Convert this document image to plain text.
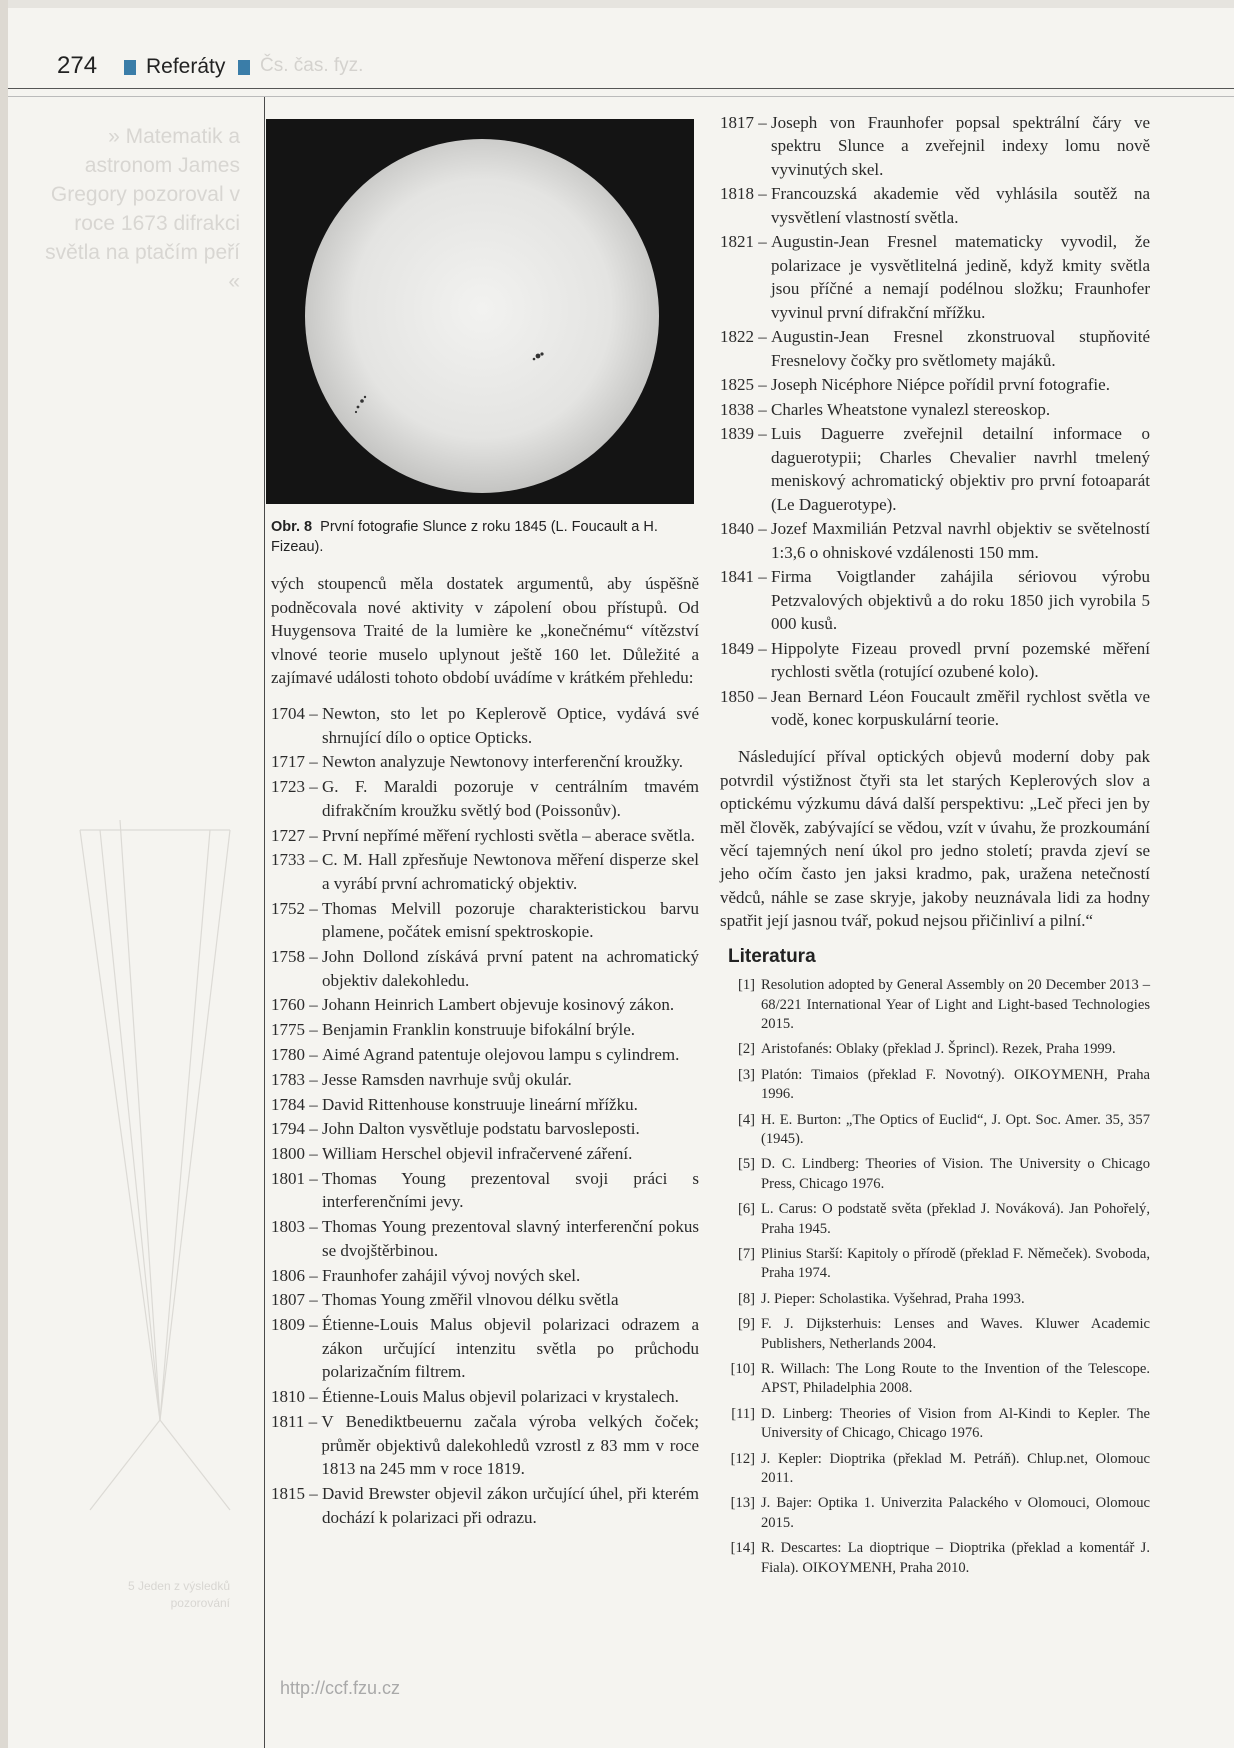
274 Referáty Čs. čas. fyz.
» Matematik a astronom James Gregory pozoroval v roce 1673 difrakci světla na ptačím peří «
5 Jeden z výsledků pozorování
Obr. 8 První fotografie Slunce z roku 1845 (L. Foucault a H. Fizeau).

vých stoupenců měla dostatek argumentů, aby úspěšně podněcovala nové aktivity v zápolení obou přístupů. Od Huygensova Traité de la lumière ke „konečnému“ vítězství vlnové teorie muselo uplynout ještě 160 let. Důležité a zajímavé události tohoto období uvádíme v krátkém přehledu:

1704 – Newton, sto let po Keplerově Optice, vydává své shrnující dílo o optice Opticks.
1717 – Newton analyzuje Newtonovy interferenční kroužky.
1723 – G. F. Maraldi pozoruje v centrálním tmavém difrakčním kroužku světlý bod (Poissonův).
1727 – První nepřímé měření rychlosti světla – aberace světla.
1733 – C. M. Hall zpřesňuje Newtonova měření disperze skel a vyrábí první achromatický objektiv.
1752 – Thomas Melvill pozoruje charakteristickou barvu plamene, počátek emisní spektroskopie.
1758 – John Dollond získává první patent na achromatický objektiv dalekohledu.
1760 – Johann Heinrich Lambert objevuje kosinový zákon.
1775 – Benjamin Franklin konstruuje bifokální brýle.
1780 – Aimé Agrand patentuje olejovou lampu s cylindrem.
1783 – Jesse Ramsden navrhuje svůj okulár.
1784 – David Rittenhouse konstruuje lineární mřížku.
1794 – John Dalton vysvětluje podstatu barvosleposti.
1800 – William Herschel objevil infračervené záření.
1801 – Thomas Young prezentoval svoji práci s interferenčními jevy.
1803 – Thomas Young prezentoval slavný interferenční pokus se dvojštěrbinou.
1806 – Fraunhofer zahájil vývoj nových skel.
1807 – Thomas Young změřil vlnovou délku světla
1809 – Étienne-Louis Malus objevil polarizaci odrazem a zákon určující intenzitu světla po průchodu polarizačním filtrem.
1810 – Étienne-Louis Malus objevil polarizaci v krystalech.
1811 – V Benediktbeuernu začala výroba velkých čoček; průměr objektivů dalekohledů vzrostl z 83 mm v roce 1813 na 245 mm v roce 1819.
1815 – David Brewster objevil zákon určující úhel, při kterém dochází k polarizaci při odrazu.
1817 – Joseph von Fraunhofer popsal spektrální čáry ve spektru Slunce a zveřejnil indexy lomu nově vyvinutých skel.
1818 – Francouzská akademie věd vyhlásila soutěž na vysvětlení vlastností světla.
1821 – Augustin-Jean Fresnel matematicky vyvodil, že polarizace je vysvětlitelná jedině, když kmity světla jsou příčné a nemají podélnou složku; Fraunhofer vyvinul první difrakční mřížku.
1822 – Augustin-Jean Fresnel zkonstruoval stupňovité Fresnelovy čočky pro světlomety majáků.
1825 – Joseph Nicéphore Niépce pořídil první fotografie.
1838 – Charles Wheatstone vynalezl stereoskop.
1839 – Luis Daguerre zveřejnil detailní informace o daguerotypii; Charles Chevalier navrhl tmelený meniskový achromatický objektiv pro první fotoaparát (Le Daguerotype).
1840 – Jozef Maxmilián Petzval navrhl objektiv se světelností 1:3,6 o ohniskové vzdálenosti 150 mm.
1841 – Firma Voigtlander zahájila sériovou výrobu Petzvalových objektivů a do roku 1850 jich vyrobila 5 000 kusů.
1849 – Hippolyte Fizeau provedl první pozemské měření rychlosti světla (rotující ozubené kolo).
1850 – Jean Bernard Léon Foucault změřil rychlost světla ve vodě, konec korpuskulární teorie.

Následující příval optických objevů moderní doby pak potvrdil výstižnost čtyři sta let starých Keplerových slov a optickému výzkumu dává další perspektivu: „Leč přeci jen by měl člověk, zabývající se vědou, vzít v úvahu, že prozkoumání věcí tajemných není úkol pro jedno století; pravda zjeví se jeho očím často jen jaksi kradmo, pak, uražena netečností vědců, náhle se zase skryje, jakoby neuznávala lidi za hodny spatřit její jasnou tvář, pokud nejsou přičinliví a pilní.“

Literatura
[1] Resolution adopted by General Assembly on 20 December 2013 – 68/221 International Year of Light and Light-based Technologies 2015.
[2] Aristofanés: Oblaky (překlad J. Šprincl). Rezek, Praha 1999.
[3] Platón: Timaios (překlad F. Novotný). OIKOYMENH, Praha 1996.
[4] H. E. Burton: „The Optics of Euclid“, J. Opt. Soc. Amer. 35, 357 (1945).
[5] D. C. Lindberg: Theories of Vision. The University o Chicago Press, Chicago 1976.
[6] L. Carus: O podstatě světa (překlad J. Nováková). Jan Pohořelý, Praha 1945.
[7] Plinius Starší: Kapitoly o přírodě (překlad F. Němeček). Svoboda, Praha 1974.
[8] J. Pieper: Scholastika. Vyšehrad, Praha 1993.
[9] F. J. Dijksterhuis: Lenses and Waves. Kluwer Academic Publishers, Netherlands 2004.
[10] R. Willach: The Long Route to the Invention of the Telescope. APST, Philadelphia 2008.
[11] D. Linberg: Theories of Vision from Al-Kindi to Kepler. The University of Chicago, Chicago 1976.
[12] J. Kepler: Dioptrika (překlad M. Petráň). Chlup.net, Olomouc 2011.
[13] J. Bajer: Optika 1. Univerzita Palackého v Olomouci, Olomouc 2015.
[14] R. Descartes: La dioptrique – Dioptrika (překlad a komentář J. Fiala). OIKOYMENH, Praha 2010.
http://ccf.fzu.cz
